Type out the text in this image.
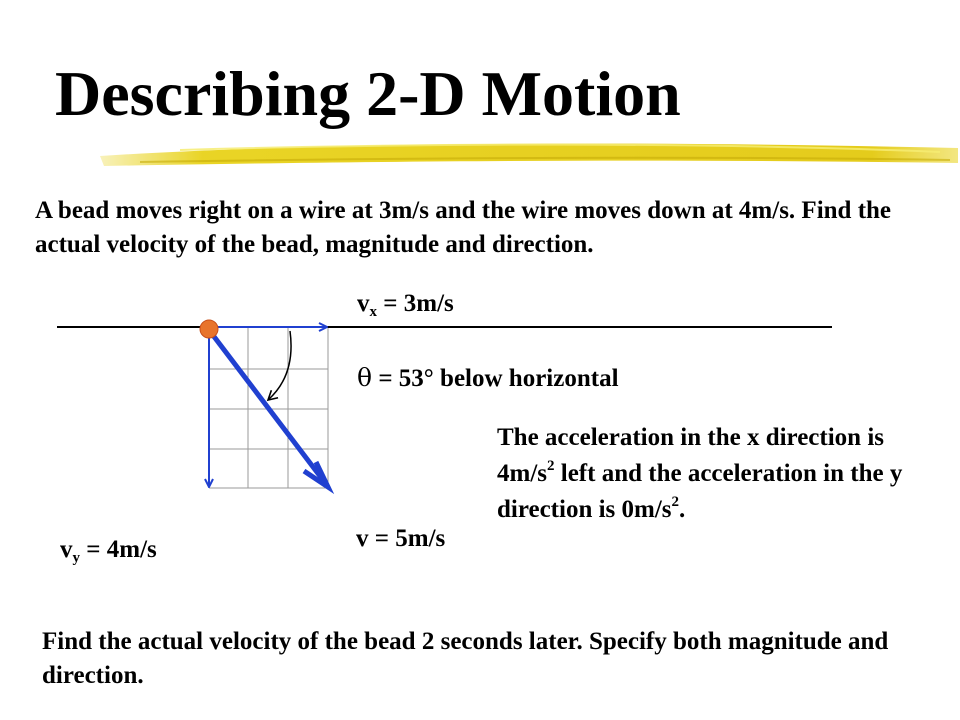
Describing 2-D Motion
A bead moves right on a wire at 3m/s and the wire moves down at 4m/s. Find the actual velocity of the bead, magnitude and direction.
$v_x = 3m/s$
θ = 53° below horizontal
v = 5m/s
$v_y = 4m/s$
The acceleration in the x direction is $4m/s^2$ left and the acceleration in the y direction is $0m/s^2$.
Find the actual velocity of the bead 2 seconds later. Specify both magnitude and direction.
